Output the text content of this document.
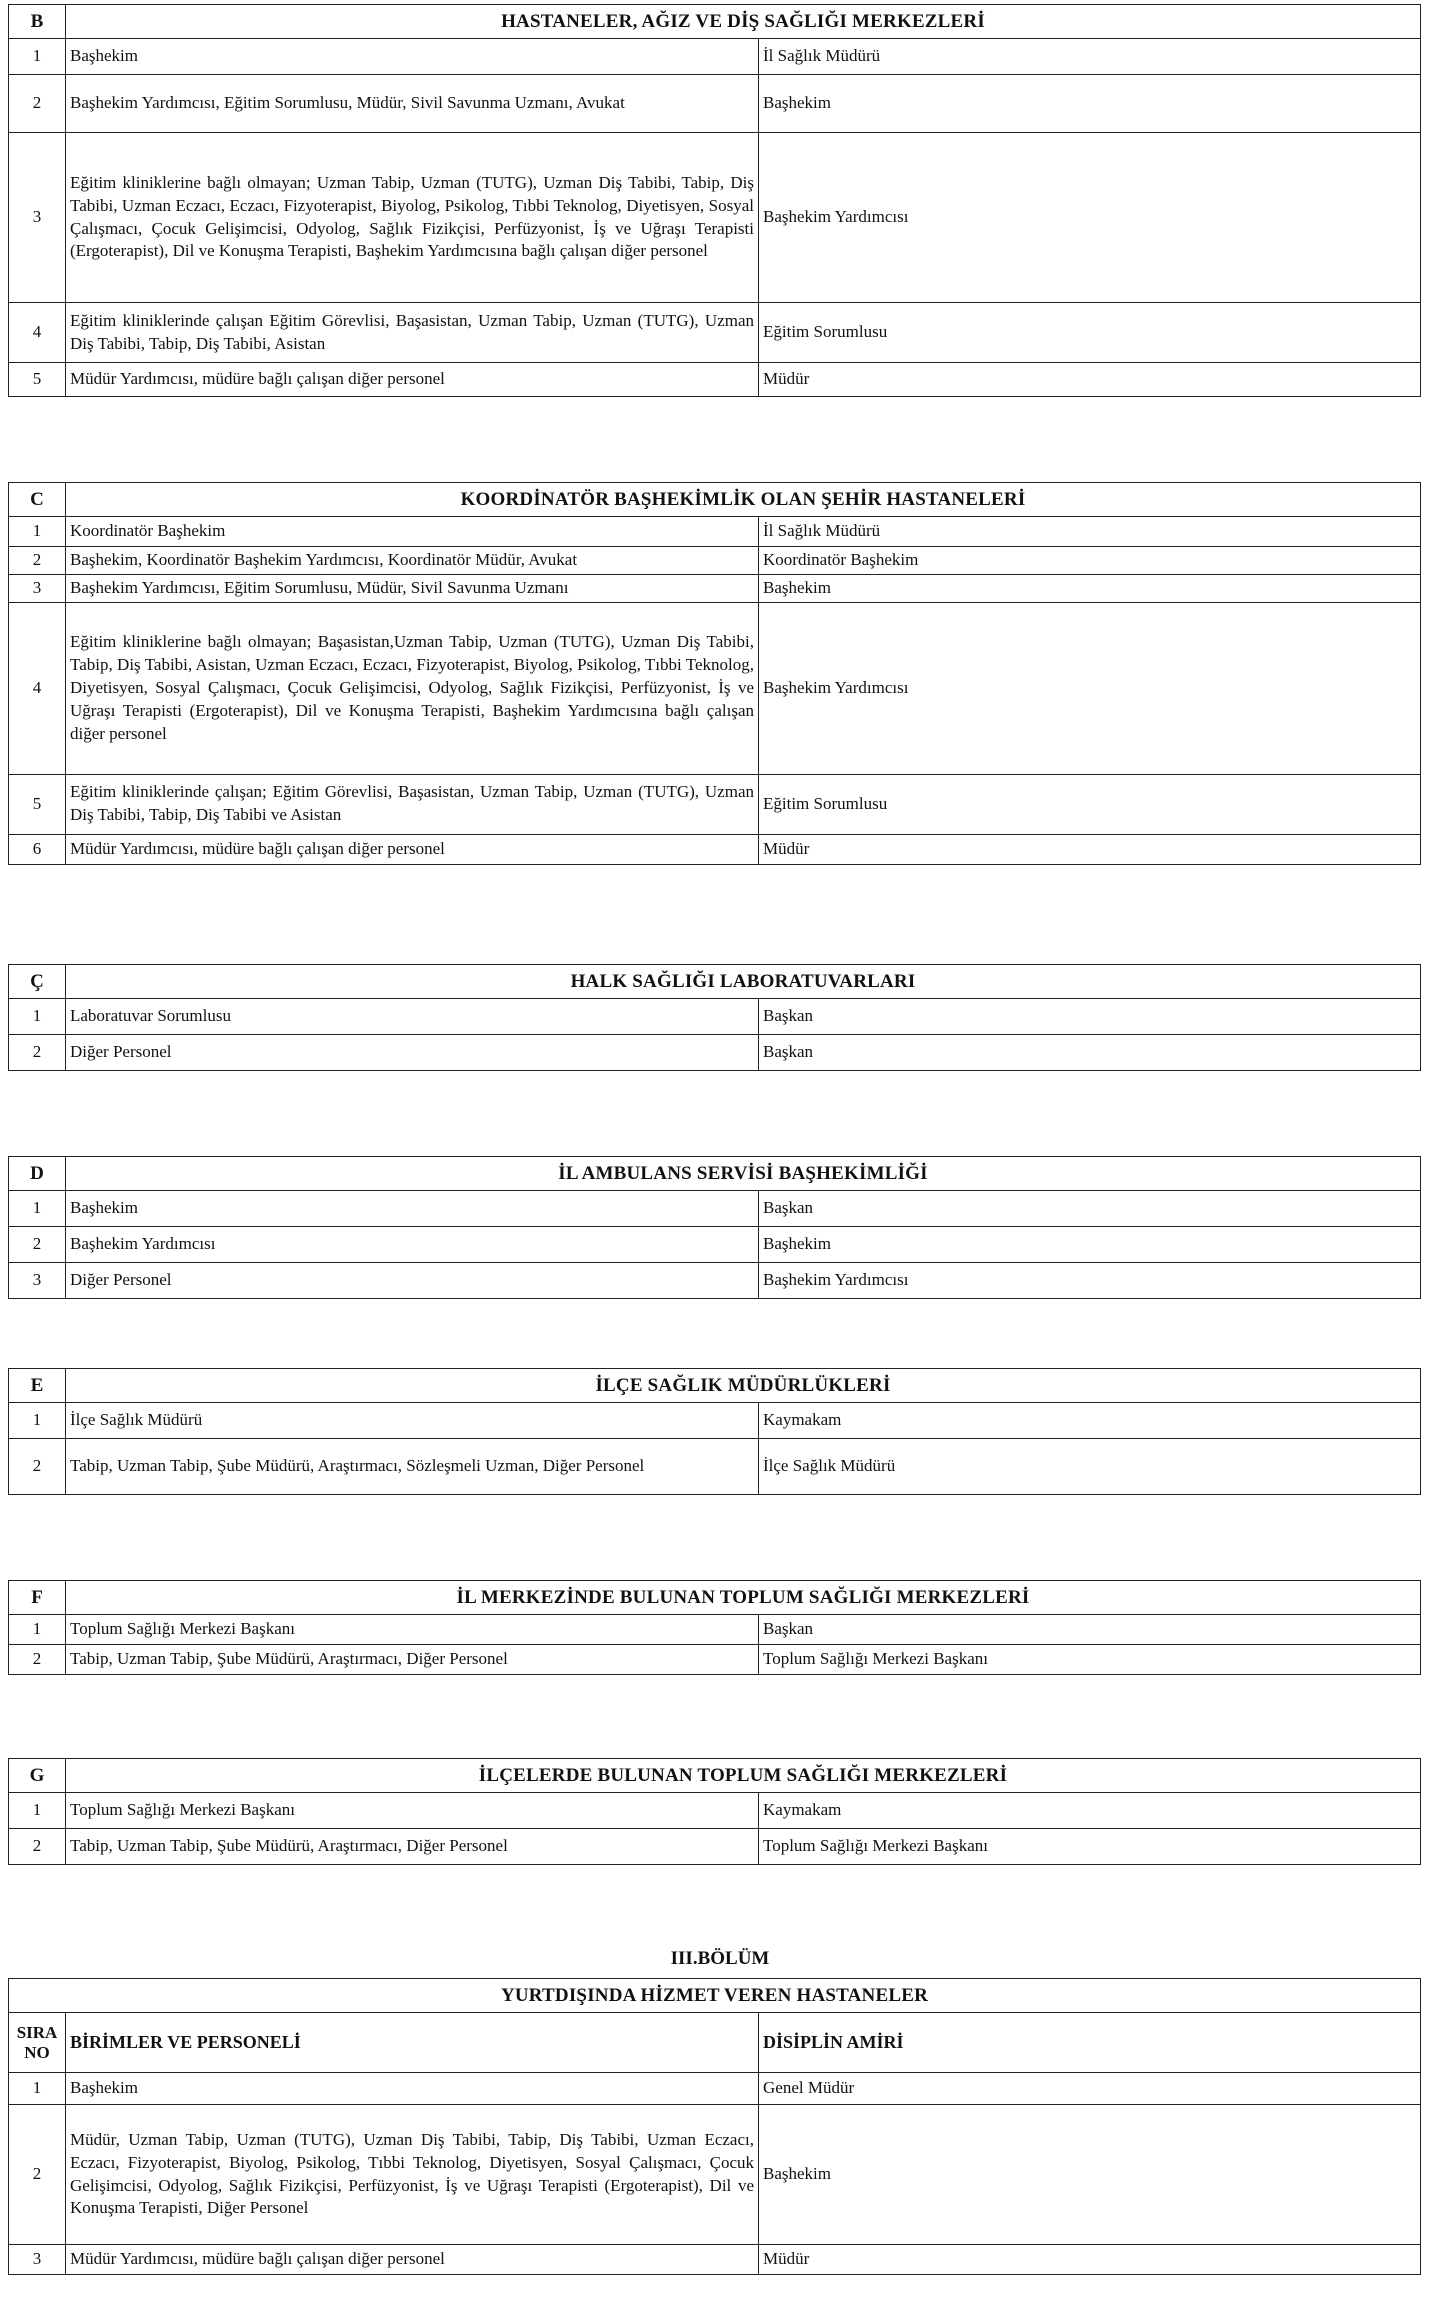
B	HASTANELER, AĞIZ VE DİŞ SAĞLIĞI MERKEZLERİ	
1	Başhekim	İl Sağlık Müdürü
2	Başhekim Yardımcısı, Eğitim Sorumlusu, Müdür, Sivil Savunma Uzmanı, Avukat	Başhekim
3	Eğitim kliniklerine bağlı olmayan; Uzman Tabip, Uzman (TUTG), Uzman Diş Tabibi, Tabip, Diş Tabibi, Uzman Eczacı, Eczacı, Fizyoterapist, Biyolog, Psikolog, Tıbbi Teknolog, Diyetisyen, Sosyal Çalışmacı, Çocuk Gelişimcisi, Odyolog, Sağlık Fizikçisi, Perfüzyonist, İş ve Uğraşı Terapisti (Ergoterapist), Dil ve Konuşma Terapisti, Başhekim Yardımcısına bağlı çalışan diğer personel	Başhekim Yardımcısı
4	Eğitim kliniklerinde çalışan Eğitim Görevlisi, Başasistan, Uzman Tabip, Uzman (TUTG), Uzman Diş Tabibi, Tabip, Diş Tabibi, Asistan	Eğitim Sorumlusu
5	Müdür Yardımcısı, müdüre bağlı çalışan diğer personel	Müdür
C	KOORDİNATÖR BAŞHEKİMLİK OLAN ŞEHİR HASTANELERİ	
1	Koordinatör Başhekim	İl Sağlık Müdürü
2	Başhekim, Koordinatör Başhekim Yardımcısı, Koordinatör Müdür, Avukat	Koordinatör Başhekim
3	Başhekim Yardımcısı, Eğitim Sorumlusu, Müdür, Sivil Savunma Uzmanı	Başhekim
4	Eğitim kliniklerine bağlı olmayan; Başasistan,Uzman Tabip, Uzman (TUTG), Uzman Diş Tabibi, Tabip, Diş Tabibi, Asistan, Uzman Eczacı, Eczacı, Fizyoterapist, Biyolog, Psikolog, Tıbbi Teknolog, Diyetisyen, Sosyal Çalışmacı, Çocuk Gelişimcisi, Odyolog, Sağlık Fizikçisi, Perfüzyonist, İş ve Uğraşı Terapisti (Ergoterapist), Dil ve Konuşma Terapisti, Başhekim Yardımcısına bağlı çalışan diğer personel	Başhekim Yardımcısı
5	Eğitim kliniklerinde çalışan; Eğitim Görevlisi, Başasistan, Uzman Tabip, Uzman (TUTG), Uzman Diş Tabibi, Tabip, Diş Tabibi ve Asistan	Eğitim Sorumlusu
6	Müdür Yardımcısı, müdüre bağlı çalışan diğer personel	Müdür
Ç	HALK SAĞLIĞI LABORATUVARLARI	
1	Laboratuvar Sorumlusu	Başkan
2	Diğer Personel	Başkan
D	İL AMBULANS SERVİSİ BAŞHEKİMLİĞİ	
1	Başhekim	Başkan
2	Başhekim Yardımcısı	Başhekim
3	Diğer Personel	Başhekim Yardımcısı
E	İLÇE SAĞLIK MÜDÜRLÜKLERİ	
1	İlçe Sağlık Müdürü	Kaymakam
2	Tabip, Uzman Tabip, Şube Müdürü, Araştırmacı, Sözleşmeli Uzman, Diğer Personel	İlçe Sağlık Müdürü
F	İL MERKEZİNDE BULUNAN TOPLUM SAĞLIĞI MERKEZLERİ	
1	Toplum Sağlığı Merkezi Başkanı	Başkan
2	Tabip, Uzman Tabip, Şube Müdürü, Araştırmacı, Diğer Personel	Toplum Sağlığı Merkezi Başkanı
G	İLÇELERDE BULUNAN TOPLUM SAĞLIĞI MERKEZLERİ	
1	Toplum Sağlığı Merkezi Başkanı	Kaymakam
2	Tabip, Uzman Tabip, Şube Müdürü, Araştırmacı, Diğer Personel	Toplum Sağlığı Merkezi Başkanı
III.BÖLÜM
YURTDIŞINDA HİZMET VEREN HASTANELER		
SIRA NO	BİRİMLER VE PERSONELİ	DİSİPLİN AMİRİ
1	Başhekim	Genel Müdür
2	Müdür, Uzman Tabip, Uzman (TUTG), Uzman Diş Tabibi, Tabip, Diş Tabibi, Uzman Eczacı, Eczacı, Fizyoterapist, Biyolog, Psikolog, Tıbbi Teknolog, Diyetisyen, Sosyal Çalışmacı, Çocuk Gelişimcisi, Odyolog, Sağlık Fizikçisi, Perfüzyonist, İş ve Uğraşı Terapisti (Ergoterapist), Dil ve Konuşma Terapisti, Diğer Personel	Başhekim
3	Müdür Yardımcısı, müdüre bağlı çalışan diğer personel	Müdür
